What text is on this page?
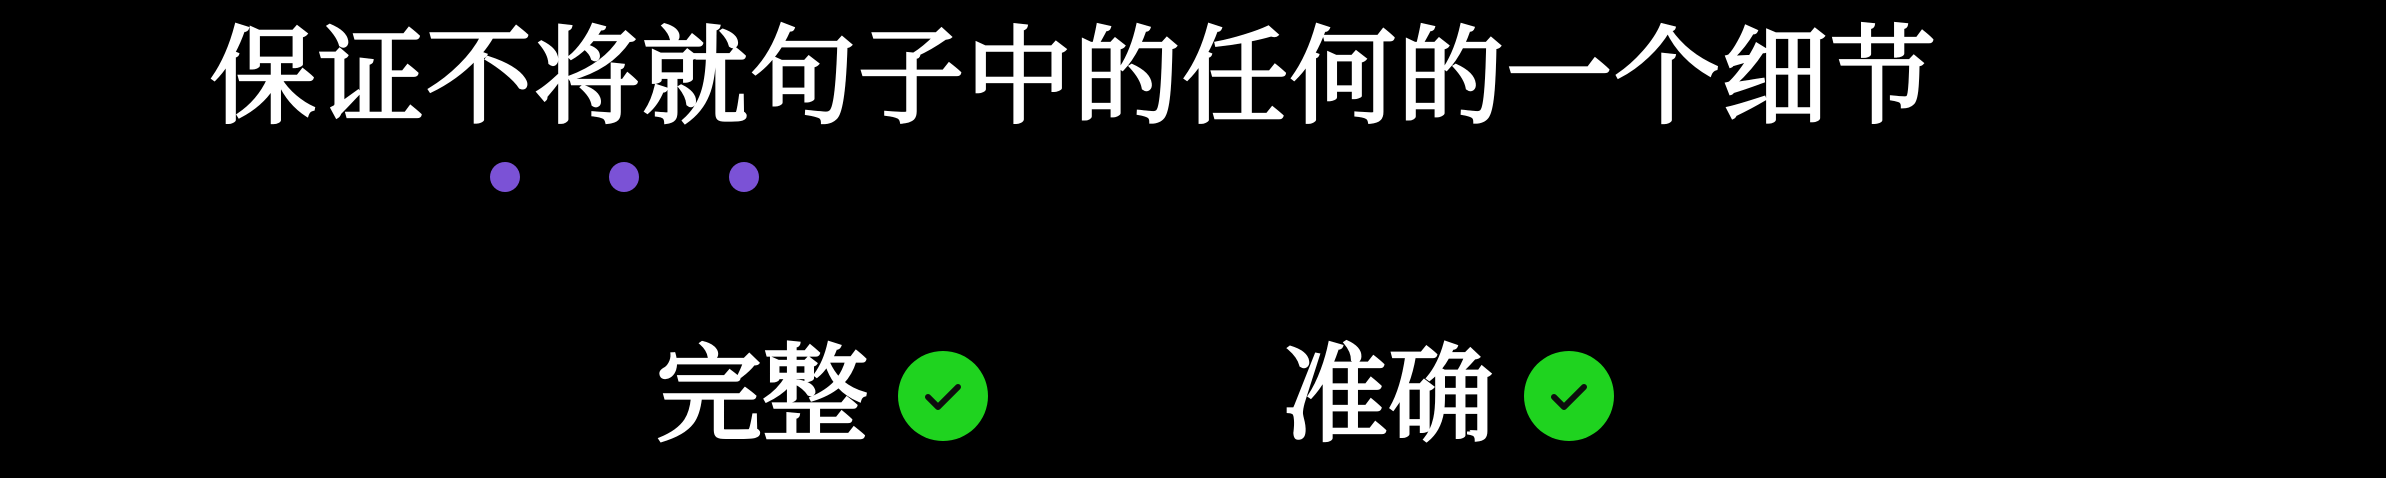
保证不将就句子中的任何的一个细节
完整	准确
